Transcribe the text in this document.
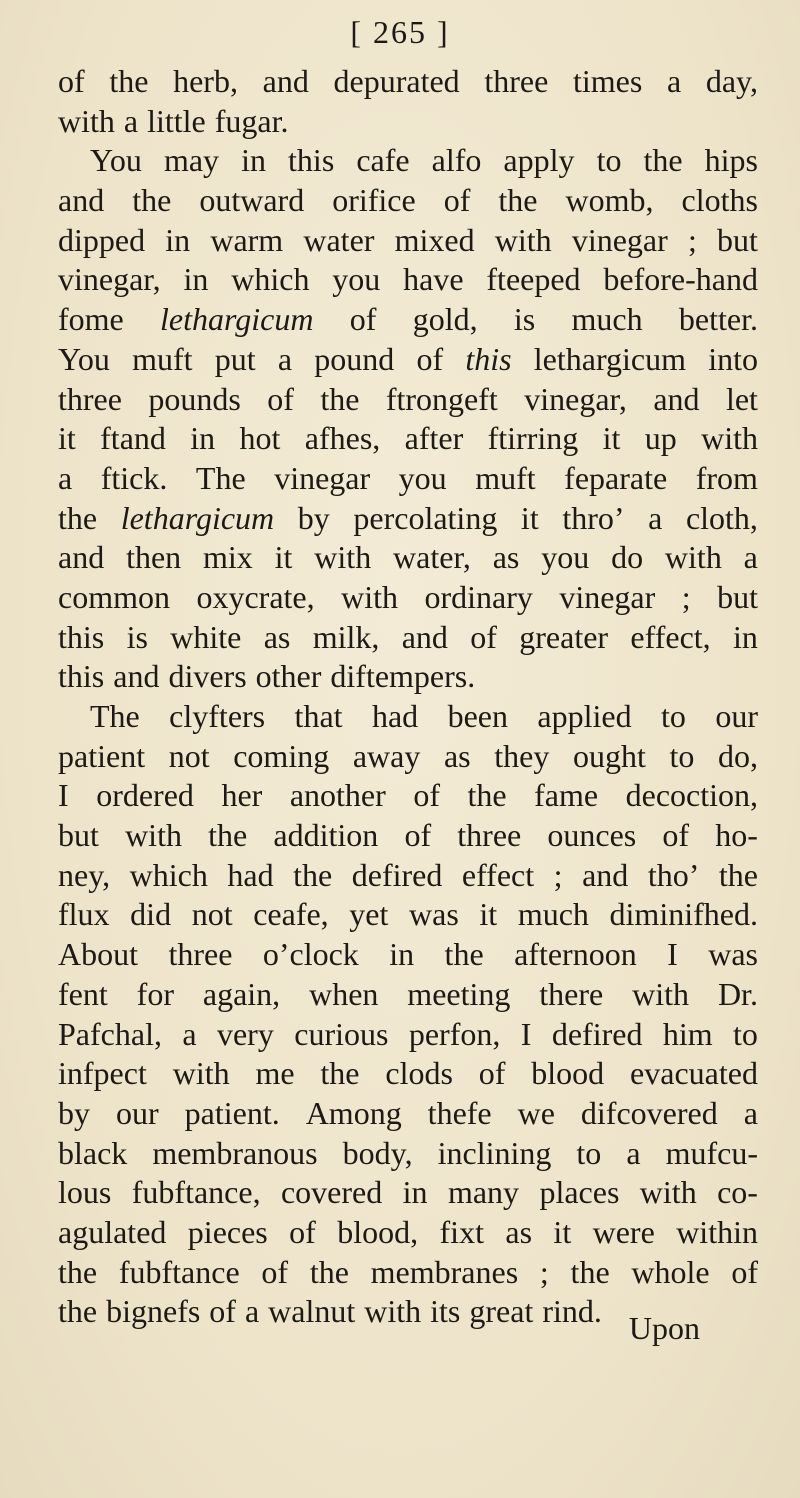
[ 265 ]
of the herb, and depurated three times a day,
with a little fugar.
You may in this cafe alfo apply to the hips
and the outward orifice of the womb, cloths
dipped in warm water mixed with vinegar ; but
vinegar, in which you have fteeped before-hand
fome lethargicum of gold, is much better.
You muft put a pound of this lethargicum into
three pounds of the ftrongeft vinegar, and let
it ftand in hot afhes, after ftirring it up with
a ftick. The vinegar you muft feparate from
the lethargicum by percolating it thro’ a cloth,
and then mix it with water, as you do with a
common oxycrate, with ordinary vinegar ; but
this is white as milk, and of greater effect, in
this and divers other diftempers.
The clyfters that had been applied to our
patient not coming away as they ought to do,
I ordered her another of the fame decoction,
but with the addition of three ounces of ho-
ney, which had the defired effect ; and tho’ the
flux did not ceafe, yet was it much diminifhed.
About three o’clock in the afternoon I was
fent for again, when meeting there with Dr.
Pafchal, a very curious perfon, I defired him to
infpect with me the clods of blood evacuated
by our patient. Among thefe we difcovered a
black membranous body, inclining to a mufcu-
lous fubftance, covered in many places with co-
agulated pieces of blood, fixt as it were within
the fubftance of the membranes ; the whole of
the bignefs of a walnut with its great rind. Upon
